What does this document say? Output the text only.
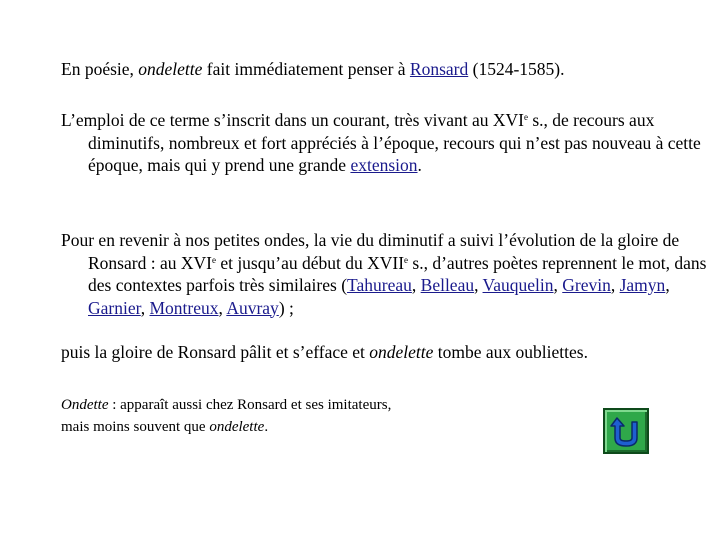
En poésie, ondelette fait immédiatement penser à Ronsard (1524-1585).
L’emploi de ce terme s’inscrit dans un courant, très vivant au XVIe s., de recours aux diminutifs, nombreux et fort appréciés à l’époque, recours qui n’est pas nouveau à cette époque, mais qui y prend une grande extension.
Pour en revenir à nos petites ondes, la vie du diminutif a suivi l’évolution de la gloire de Ronsard : au XVIe et jusqu’au début du XVIIe s., d’autres poètes reprennent le mot, dans des contextes parfois très similaires (Tahureau, Belleau, Vauquelin, Grevin, Jamyn, Garnier, Montreux, Auvray) ;
puis la gloire de Ronsard pâlit et s’efface et ondelette tombe aux oubliettes.
Ondette : apparaît aussi chez Ronsard et ses imitateurs,
mais moins souvent que ondelette.
